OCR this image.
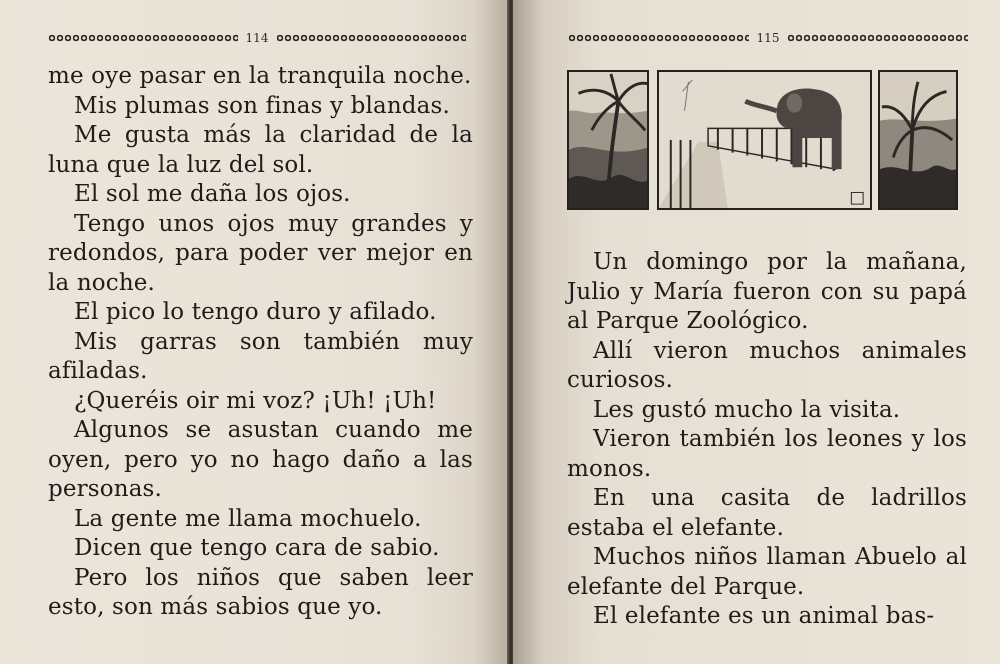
114

me oye pasar en la tranquila noche.

Mis plumas son finas y blandas.

Me gusta más la claridad de la luna que la luz del sol.

El sol me daña los ojos.

Tengo unos ojos muy grandes y redondos, para poder ver mejor en la noche.

El pico lo tengo duro y afilado.

Mis garras son también muy afiladas.

¿Queréis oir mi voz? ¡Uh! ¡Uh!

Algunos se asustan cuando me oyen, pero yo no hago daño a las personas.

La gente me llama mochuelo.

Dicen que tengo cara de sabio.

Pero los niños que saben leer esto, son más sabios que yo.

115

Un domingo por la mañana, Julio y María fueron con su papá al Parque Zoológico.

Allí vieron muchos animales curiosos.

Les gustó mucho la visita.

Vieron también los leones y los monos.

En una casita de ladrillos estaba el elefante.

Muchos niños llaman Abuelo al elefante del Parque.

El elefante es un animal bas-
